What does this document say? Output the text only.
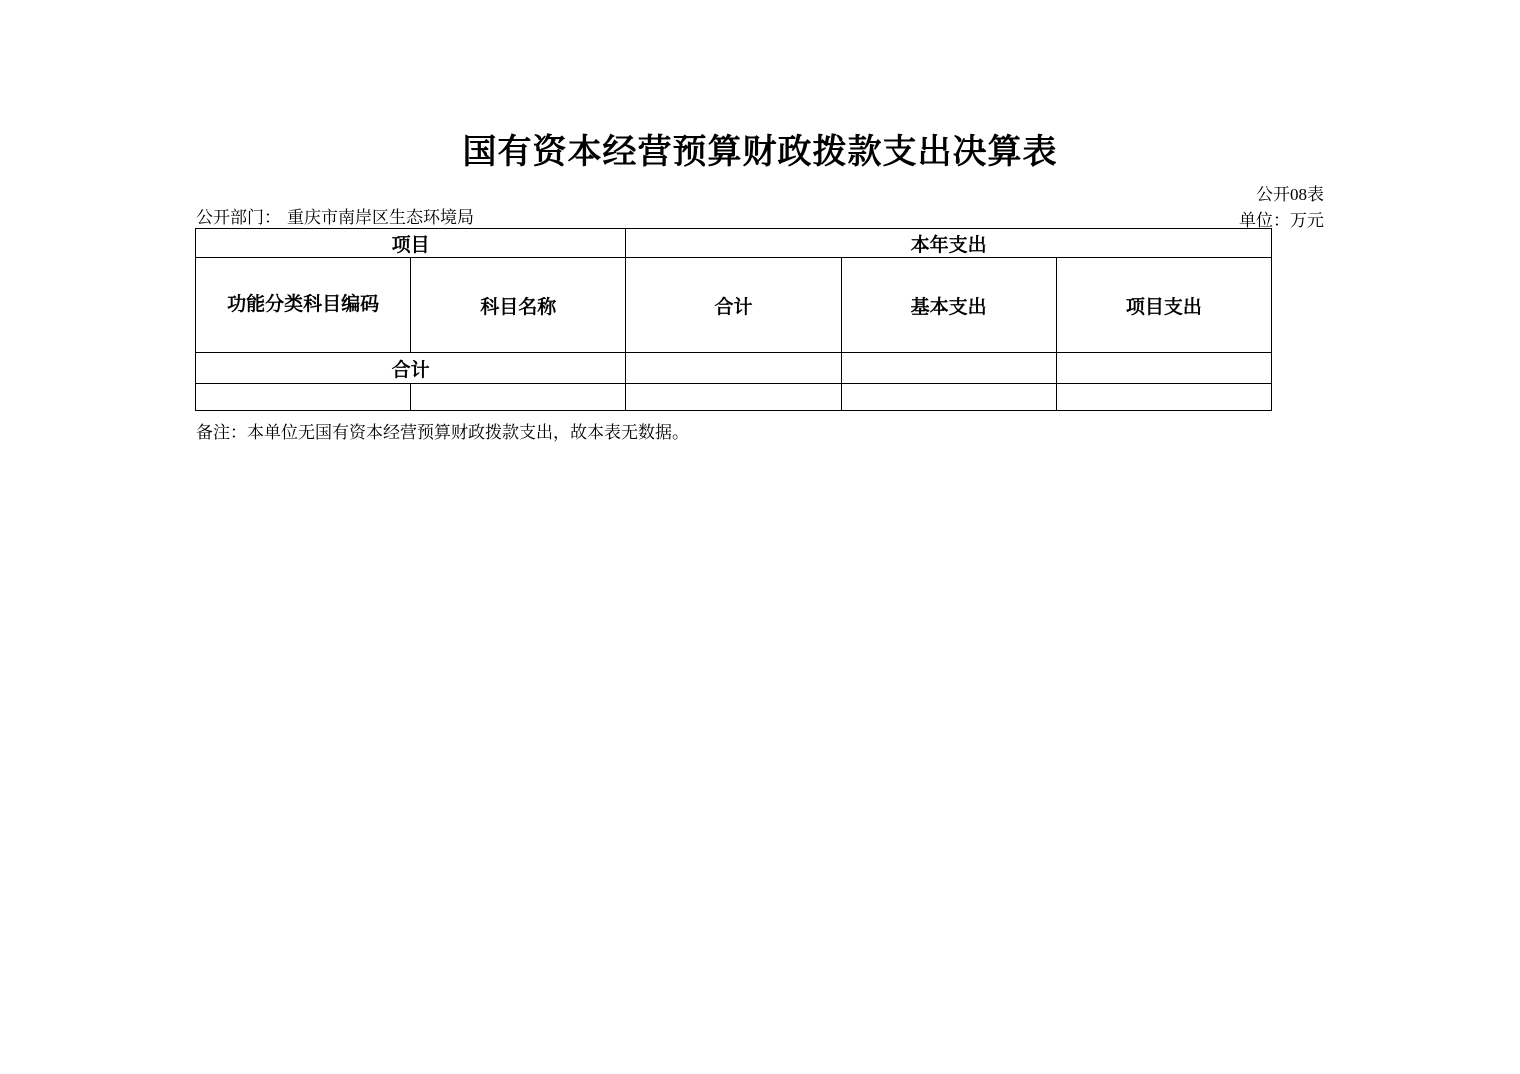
国有资本经营预算财政拨款支出决算表
公开08表
单位：万元
公开部门： 重庆市南岸区生态环境局
项目		本年支出		
功能分类科目编码	科目名称	合计	基本支出	项目支出
合计				

备注：本单位无国有资本经营预算财政拨款支出，故本表无数据。
